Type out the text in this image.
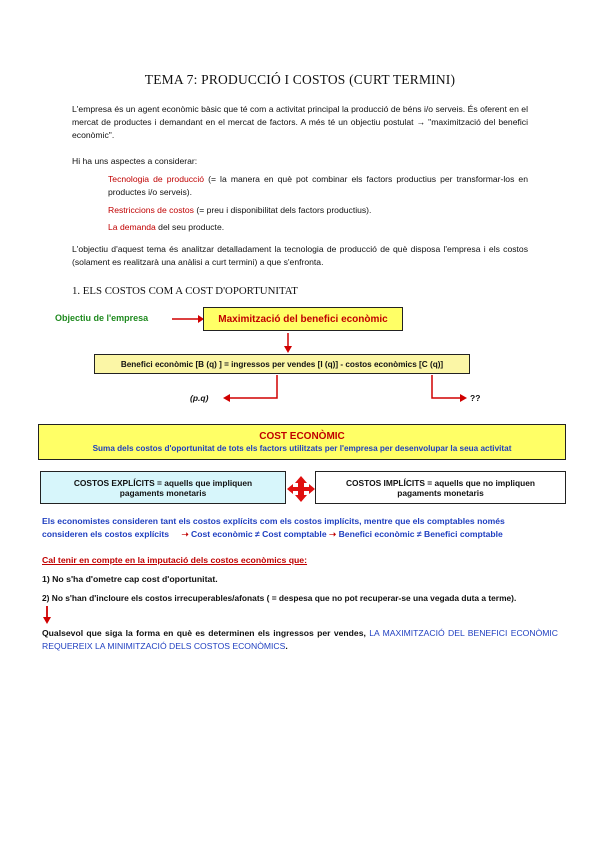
TEMA 7: PRODUCCIÓ I COSTOS (CURT TERMINI)
L'empresa és un agent econòmic bàsic que té com a activitat principal la producció de béns i/o serveis. És oferent en el mercat de productes i demandant en el mercat de factors. A més té un objectiu postulat → "maximització del benefici econòmic".
Hi ha uns aspectes a considerar:
Tecnologia de producció (= la manera en què pot combinar els factors productius per transformar-los en productes i/o serveis).
Restriccions de costos (= preu i disponibilitat dels factors productius).
La demanda del seu producte.
L'objectiu d'aquest tema és analitzar detalladament la tecnologia de producció de què disposa l'empresa i els costos (solament es realitzarà una anàlisi a curt termini) a que s'enfronta.
1. ELS COSTOS COM A COST D'OPORTUNITAT
Objectiu de l'empresa	Maximització del benefici econòmic
Benefici econòmic [B (q) ] = ingressos per vendes [I (q)] - costos econòmics [C (q)]
(p.q)	??
COST ECONÒMIC
Suma dels costos d'oportunitat de tots els factors utilitzats per l'empresa per desenvolupar la seua activitat
COSTOS EXPLÍCITS = aquells que impliquen pagaments monetaris
COSTOS IMPLÍCITS = aquells que no impliquen pagaments monetaris
Els economistes consideren tant els costos explícits com els costos implícits, mentre que els comptables només
consideren els costos explícits ➝ Cost econòmic ≠ Cost comptable ➝ Benefici econòmic ≠ Benefici comptable
Cal tenir en compte en la imputació dels costos econòmics que:
1) No s'ha d'ometre cap cost d'oportunitat.
2) No s'han d'incloure els costos irrecuperables/afonats ( = despesa que no pot recuperar-se una vegada duta a terme).
Qualsevol que siga la forma en què es determinen els ingressos per vendes, LA MAXIMITZACIÓ DEL BENEFICI ECONÒMIC REQUEREIX LA MINIMITZACIÓ DELS COSTOS ECONÒMICS.
